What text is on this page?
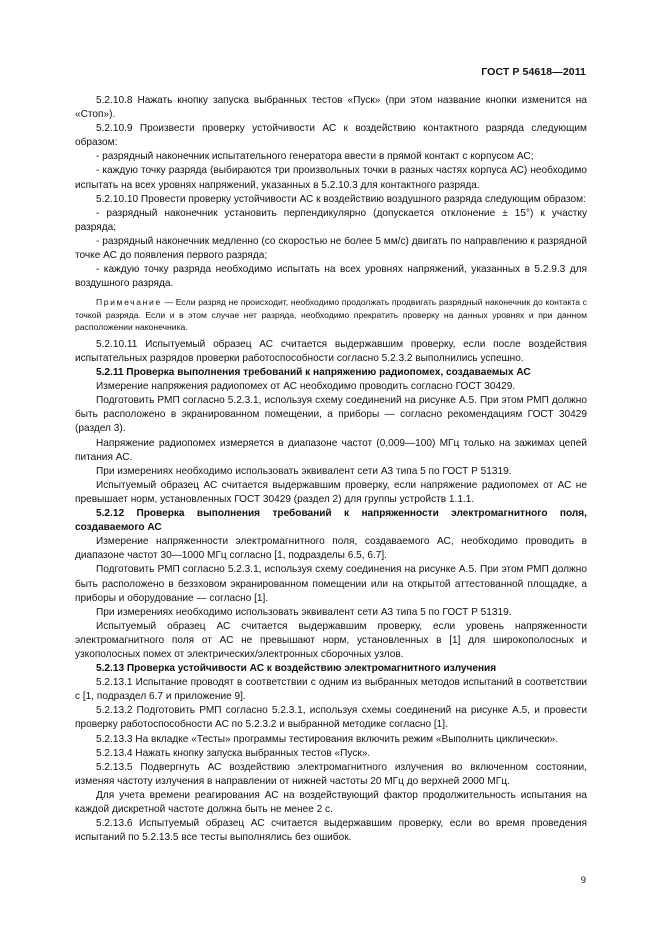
ГОСТ Р 54618—2011

5.2.10.8 Нажать кнопку запуска выбранных тестов «Пуск» (при этом название кнопки изменится на «Стоп»).

5.2.10.9 Произвести проверку устойчивости АС к воздействию контактного разряда следующим образом:

- разрядный наконечник испытательного генератора ввести в прямой контакт с корпусом АС;

- каждую точку разряда (выбираются три произвольных точки в разных частях корпуса АС) необходимо испытать на всех уровнях напряжений, указанных в 5.2.10.3 для контактного разряда.

5.2.10.10 Провести проверку устойчивости АС к воздействию воздушного разряда следующим образом:

- разрядный наконечник установить перпендикулярно (допускается отклонение ± 15°) к участку разряда;

- разрядный наконечник медленно (со скоростью не более 5 мм/с) двигать по направлению к разрядной точке АС до появления первого разряда;

- каждую точку разряда необходимо испытать на всех уровнях напряжений, указанных в 5.2.9.3 для воздушного разряда.

Примечание — Если разряд не происходит, необходимо продолжать продвигать разрядный наконечник до контакта с точкой разряда. Если и в этом случае нет разряда, необходимо прекратить проверку на данных уровнях и при данном расположении наконечника.

5.2.10.11 Испытуемый образец АС считается выдержавшим проверку, если после воздействия испытательных разрядов проверки работоспособности согласно 5.2.3.2 выполнились успешно.

5.2.11 Проверка выполнения требований к напряжению радиопомех, создаваемых АС

Измерение напряжения радиопомех от АС необходимо проводить согласно ГОСТ 30429.

Подготовить РМП согласно 5.2.3.1, используя схему соединений на рисунке А.5. При этом РМП должно быть расположено в экранированном помещении, а приборы — согласно рекомендациям ГОСТ 30429 (раздел 3).

Напряжение радиопомех измеряется в диапазоне частот (0,009—100) МГц только на зажимах цепей питания АС.

При измерениях необходимо использовать эквивалент сети А3 типа 5 по ГОСТ Р 51319.

Испытуемый образец АС считается выдержавшим проверку, если напряжение радиопомех от АС не превышает норм, установленных ГОСТ 30429 (раздел 2) для группы устройств 1.1.1.

5.2.12 Проверка выполнения требований к напряженности электромагнитного поля, создаваемого АС

Измерение напряженности электромагнитного поля, создаваемого АС, необходимо проводить в диапазоне частот 30—1000 МГц согласно [1, подразделы 6.5, 6.7].

Подготовить РМП согласно 5.2.3.1, используя схему соединения на рисунке А.5. При этом РМП должно быть расположено в беззховом экранированном помещении или на открытой аттестованной площадке, а приборы и оборудование — согласно [1].

При измерениях необходимо использовать эквивалент сети А3 типа 5 по ГОСТ Р 51319.

Испытуемый образец АС считается выдержавшим проверку, если уровень напряженности электромагнитного поля от АС не превышают норм, установленных в [1] для широкополосных и узкополосных помех от электрических/электронных сборочных узлов.

5.2.13 Проверка устойчивости АС к воздействию электромагнитного излучения

5.2.13.1 Испытание проводят в соответствии с одним из выбранных методов испытаний в соответствии с [1, подраздел 6.7 и приложение 9].

5.2.13.2 Подготовить РМП согласно 5.2.3.1, используя схемы соединений на рисунке А.5, и провести проверку работоспособности АС по 5.2.3.2 и выбранной методике согласно [1].

5.2.13.3 На вкладке «Тесты» программы тестирования включить режим «Выполнить циклически».

5.2.13.4 Нажать кнопку запуска выбранных тестов «Пуск».

5.2.13.5 Подвергнуть АС воздействию электромагнитного излучения во включенном состоянии, изменяя частоту излучения в направлении от нижней частоты 20 МГц до верхней 2000 МГц.

Для учета времени реагирования АС на воздействующий фактор продолжительность испытания на каждой дискретной частоте должна быть не менее 2 с.

5.2.13.6 Испытуемый образец АС считается выдержавшим проверку, если во время проведения испытаний по 5.2.13.5 все тесты выполнялись без ошибок.

9
